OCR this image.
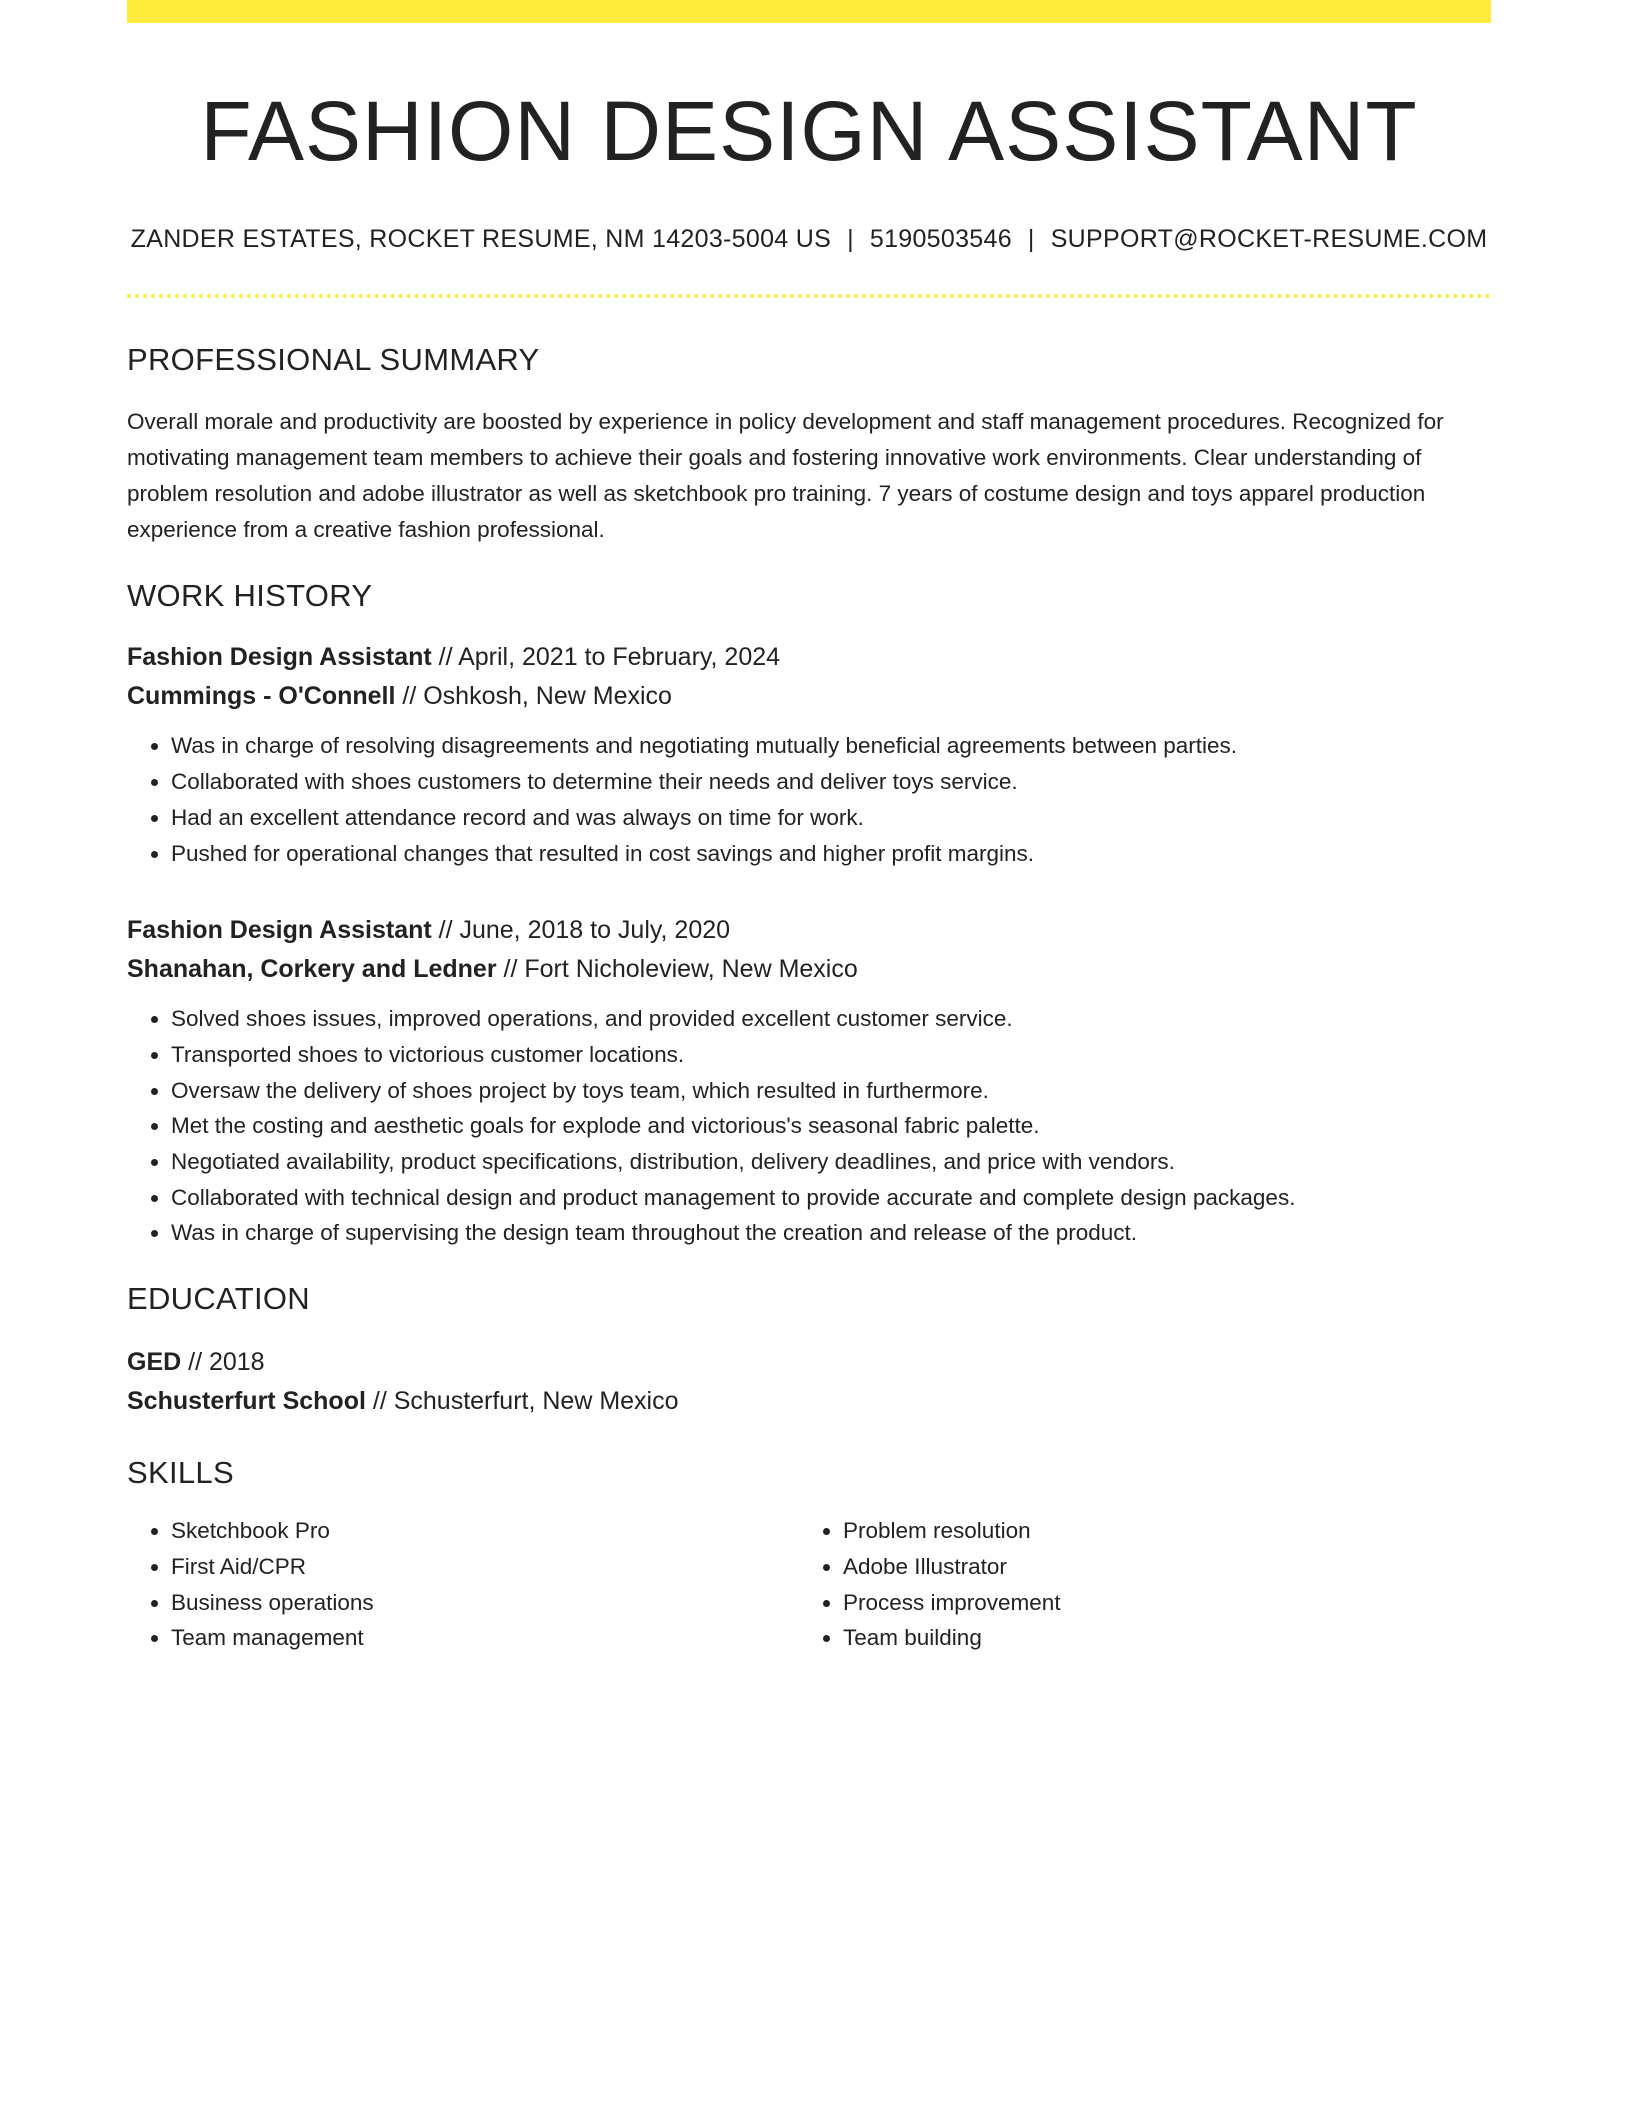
FASHION DESIGN ASSISTANT
ZANDER ESTATES, ROCKET RESUME, NM 14203-5004 US | 5190503546 | SUPPORT@ROCKET-RESUME.COM
PROFESSIONAL SUMMARY
Overall morale and productivity are boosted by experience in policy development and staff management procedures. Recognized for motivating management team members to achieve their goals and fostering innovative work environments. Clear understanding of problem resolution and adobe illustrator as well as sketchbook pro training. 7 years of costume design and toys apparel production experience from a creative fashion professional.
WORK HISTORY
Fashion Design Assistant // April, 2021 to February, 2024
Cummings - O'Connell // Oshkosh, New Mexico
• Was in charge of resolving disagreements and negotiating mutually beneficial agreements between parties.
• Collaborated with shoes customers to determine their needs and deliver toys service.
• Had an excellent attendance record and was always on time for work.
• Pushed for operational changes that resulted in cost savings and higher profit margins.
Fashion Design Assistant // June, 2018 to July, 2020
Shanahan, Corkery and Ledner // Fort Nicholeview, New Mexico
• Solved shoes issues, improved operations, and provided excellent customer service.
• Transported shoes to victorious customer locations.
• Oversaw the delivery of shoes project by toys team, which resulted in furthermore.
• Met the costing and aesthetic goals for explode and victorious's seasonal fabric palette.
• Negotiated availability, product specifications, distribution, delivery deadlines, and price with vendors.
• Collaborated with technical design and product management to provide accurate and complete design packages.
• Was in charge of supervising the design team throughout the creation and release of the product.
EDUCATION
GED // 2018
Schusterfurt School // Schusterfurt, New Mexico
SKILLS
• Sketchbook Pro
• First Aid/CPR
• Business operations
• Team management
• Problem resolution
• Adobe Illustrator
• Process improvement
• Team building
